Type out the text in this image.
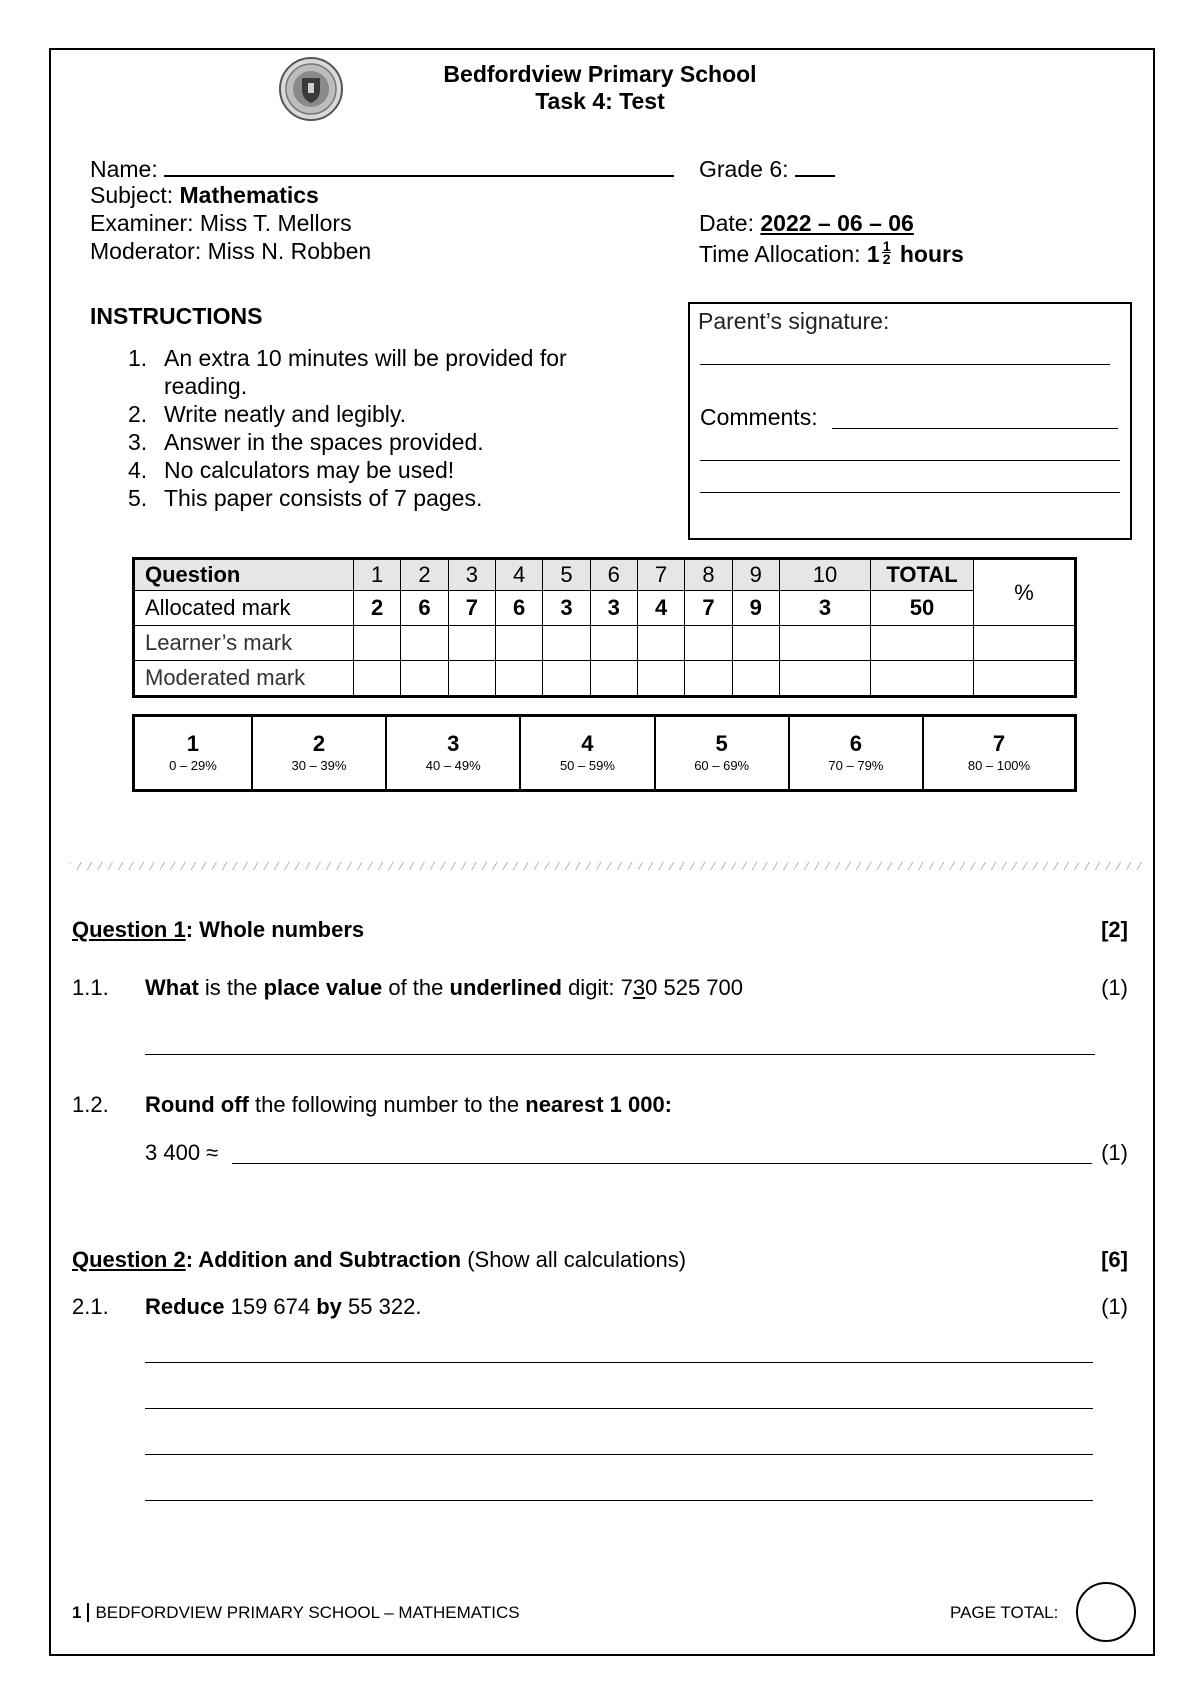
Bedfordview Primary School
Task 4: Test
Name:
Subject: Mathematics
Examiner: Miss T. Mellors
Moderator: Miss N. Robben
Grade 6:
Date: 2022 – 06 – 06
Time Allocation: $1 \frac{1}{2}$ hours
INSTRUCTIONS
1. An extra 10 minutes will be provided for reading.
2. Write neatly and legibly.
3. Answer in the spaces provided.
4. No calculators may be used!
5. This paper consists of 7 pages.
Parent’s signature:
Comments:
Question	1	2	3	4	5	6	7	8	9	10	TOTAL	%
Allocated mark	2	6	7	6	3	3	4	7	9	3	50	
Learner’s mark												
Moderated mark												
1
0 – 29%

2
30 – 39%

3
40 – 49%

4
50 – 59%

5
60 – 69%

6
70 – 79%

7
80 – 100%
Question 1: Whole numbers	[2]
1.1. What is the place value of the underlined digit: 730 525 700	(1)
1.2. Round off the following number to the nearest 1 000:
3 400 ≈	(1)
Question 2: Addition and Subtraction (Show all calculations)	[6]
2.1. Reduce 159 674 by 55 322.	(1)
1 BEDFORDVIEW PRIMARY SCHOOL – MATHEMATICS	PAGE TOTAL:
